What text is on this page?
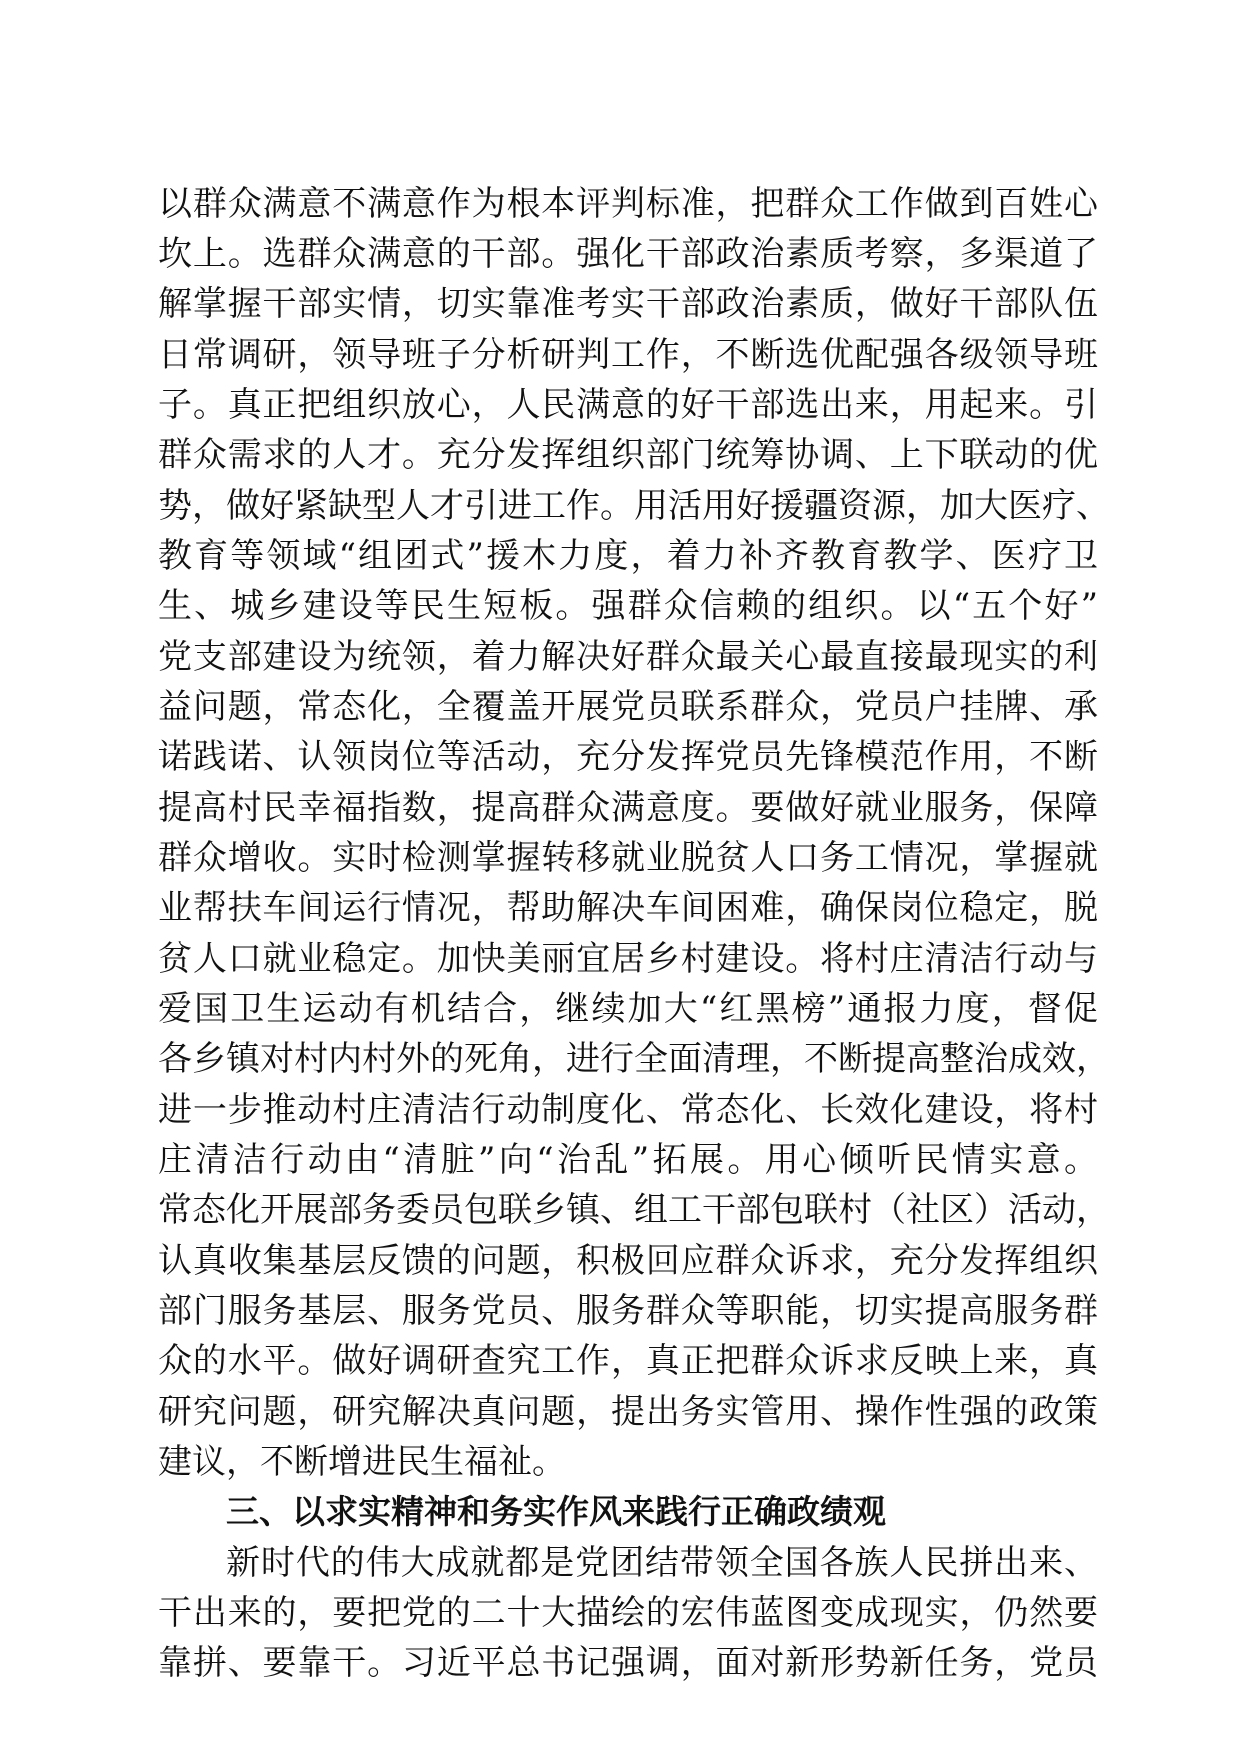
以群众满意不满意作为根本评判标准，把群众工作做到百姓心
坎上。选群众满意的干部。强化干部政治素质考察，多渠道了
解掌握干部实情，切实靠准考实干部政治素质，做好干部队伍
日常调研，领导班子分析研判工作，不断选优配强各级领导班
子。真正把组织放心，人民满意的好干部选出来，用起来。引
群众需求的人才。充分发挥组织部门统筹协调、上下联动的优
势，做好紧缺型人才引进工作。用活用好援疆资源，加大医疗、
教育等领域“组团式”援木力度，着力补齐教育教学、医疗卫
生、城乡建设等民生短板。强群众信赖的组织。以“五个好”
党支部建设为统领，着力解决好群众最关心最直接最现实的利
益问题，常态化，全覆盖开展党员联系群众，党员户挂牌、承
诺践诺、认领岗位等活动，充分发挥党员先锋模范作用，不断
提高村民幸福指数，提高群众满意度。要做好就业服务，保障
群众增收。实时检测掌握转移就业脱贫人口务工情况，掌握就
业帮扶车间运行情况，帮助解决车间困难，确保岗位稳定，脱
贫人口就业稳定。加快美丽宜居乡村建设。将村庄清洁行动与
爱国卫生运动有机结合，继续加大“红黑榜”通报力度，督促
各乡镇对村内村外的死角，进行全面清理，不断提高整治成效，
进一步推动村庄清洁行动制度化、常态化、长效化建设，将村
庄清洁行动由“清脏”向“治乱”拓展。用心倾听民情实意。
常态化开展部务委员包联乡镇、组工干部包联村（社区）活动，
认真收集基层反馈的问题，积极回应群众诉求，充分发挥组织
部门服务基层、服务党员、服务群众等职能，切实提高服务群
众的水平。做好调研查究工作，真正把群众诉求反映上来，真
研究问题，研究解决真问题，提出务实管用、操作性强的政策
建议，不断增进民生福祉。
三、以求实精神和务实作风来践行正确政绩观
新时代的伟大成就都是党团结带领全国各族人民拼出来、
干出来的，要把党的二十大描绘的宏伟蓝图变成现实，仍然要
靠拼、要靠干。习近平总书记强调，面对新形势新任务，党员
